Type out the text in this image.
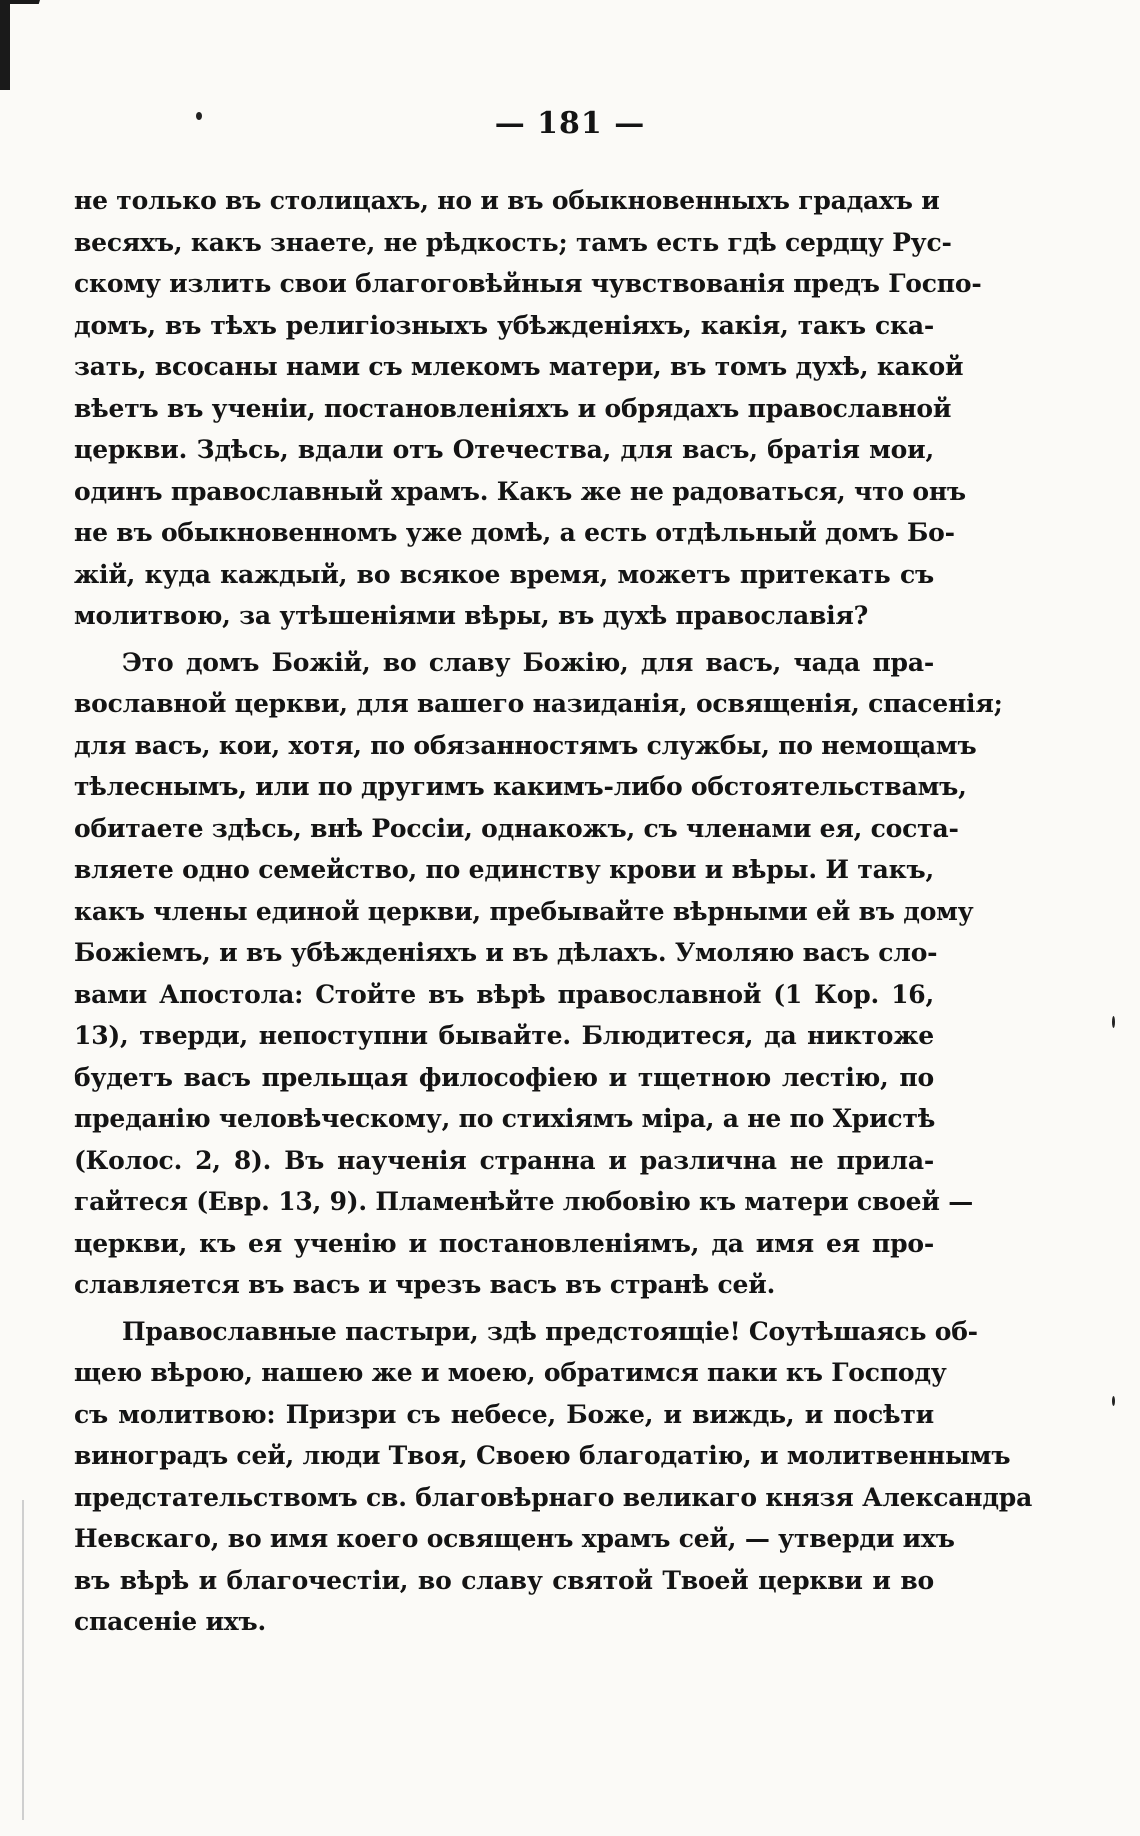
— 181 —
не только въ столицахъ, но и въ обыкновенныхъ градахъ и
весяхъ, какъ знаете, не рѣдкость; тамъ есть гдѣ сердцу Рус-
скому излить свои благоговѣйныя чувствованія предъ Госпо-
домъ, въ тѣхъ религіозныхъ убѣжденіяхъ, какія, такъ ска-
зать, всосаны нами съ млекомъ матери, въ томъ духѣ, какой
вѣетъ въ ученіи, постановленіяхъ и обрядахъ православной
церкви. Здѣсь, вдали отъ Отечества, для васъ, братія мои,
одинъ православный храмъ. Какъ же не радоваться, что онъ
не въ обыкновенномъ уже домѣ, а есть отдѣльный домъ Бо-
жій, куда каждый, во всякое время, можетъ притекать съ
молитвою, за утѣшеніями вѣры, въ духѣ православія?
Это домъ Божій, во славу Божію, для васъ, чада пра-
вославной церкви, для вашего назиданія, освященія, спасенія;
для васъ, кои, хотя, по обязанностямъ службы, по немощамъ
тѣлеснымъ, или по другимъ какимъ-либо обстоятельствамъ,
обитаете здѣсь, внѣ Россіи, однакожъ, съ членами ея, соста-
вляете одно семейство, по единству крови и вѣры. И такъ,
какъ члены единой церкви, пребывайте вѣрными ей въ дому
Божіемъ, и въ убѣжденіяхъ и въ дѣлахъ. Умоляю васъ сло-
вами Апостола: Стойте въ вѣрѣ православной (1 Кор. 16,
13), тверди, непоступни бывайте. Блюдитеся, да никтоже
будетъ васъ прельщая философіею и тщетною лестію, по
преданію человѣческому, по стихіямъ міра, а не по Христѣ
(Колос. 2, 8). Въ наученія странна и различна не прила-
гайтеся (Евр. 13, 9). Пламенѣйте любовію къ матери своей —
церкви, къ ея ученію и постановленіямъ, да имя ея про-
славляется въ васъ и чрезъ васъ въ странѣ сей.
Православные пастыри, здѣ предстоящіе! Соутѣшаясь об-
щею вѣрою, нашею же и моею, обратимся паки къ Господу
съ молитвою: Призри съ небесе, Боже, и виждь, и посѣти
виноградъ сей, люди Твоя, Своею благодатію, и молитвеннымъ
предстательствомъ св. благовѣрнаго великаго князя Александра
Невскаго, во имя коего освященъ храмъ сей, — утверди ихъ
въ вѣрѣ и благочестіи, во славу святой Твоей церкви и во
спасеніе ихъ.
